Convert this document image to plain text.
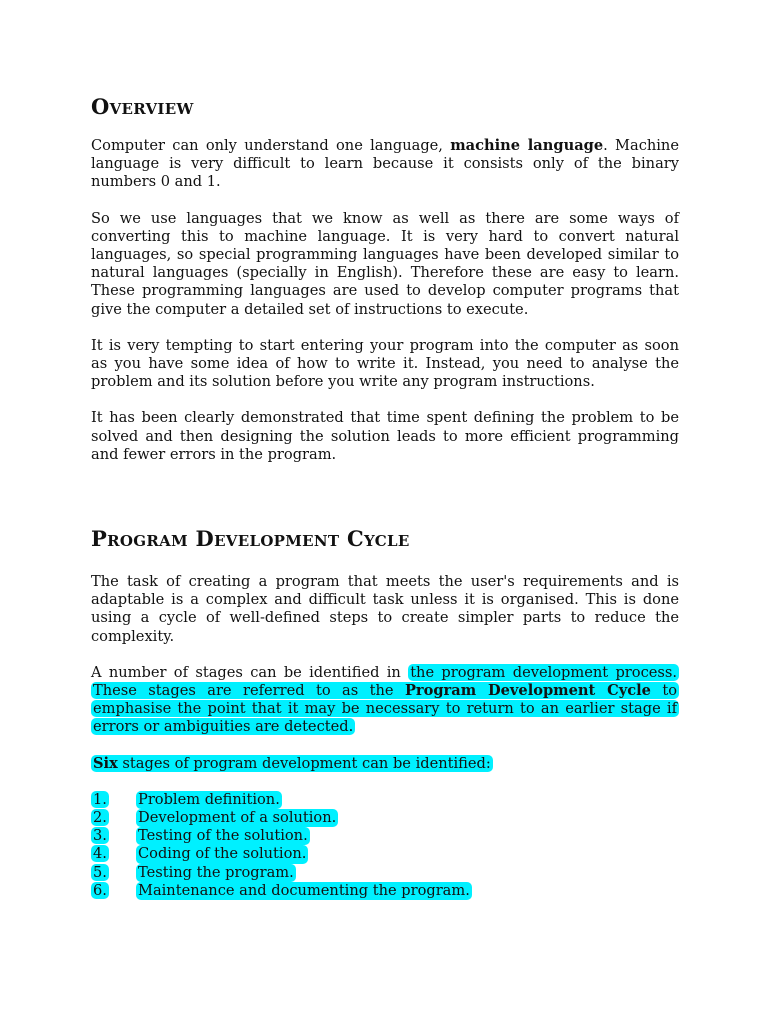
Overview

Computer can only understand one language, machine language. Machine language is very difficult to learn because it consists only of the binary numbers 0 and 1.

So we use languages that we know as well as there are some ways of converting this to machine language. It is very hard to convert natural languages, so special programming languages have been developed similar to natural languages (specially in English). Therefore these are easy to learn. These programming languages are used to develop computer programs that give the computer a detailed set of instructions to execute.

It is very tempting to start entering your program into the computer as soon as you have some idea of how to write it. Instead, you need to analyse the problem and its solution before you write any program instructions.

It has been clearly demonstrated that time spent defining the problem to be solved and then designing the solution leads to more efficient programming and fewer errors in the program.

Program Development Cycle

The task of creating a program that meets the user's requirements and is adaptable is a complex and difficult task unless it is organised. This is done using a cycle of well-defined steps to create simpler parts to reduce the complexity.

A number of stages can be identified in the program development process. These stages are referred to as the Program Development Cycle to emphasise the point that it may be necessary to return to an earlier stage if errors or ambiguities are detected.

Six stages of program development can be identified:

1.	Problem definition.
2.	Development of a solution.
3.	Testing of the solution.
4.	Coding of the solution.
5.	Testing the program.
6.	Maintenance and documenting the program.
